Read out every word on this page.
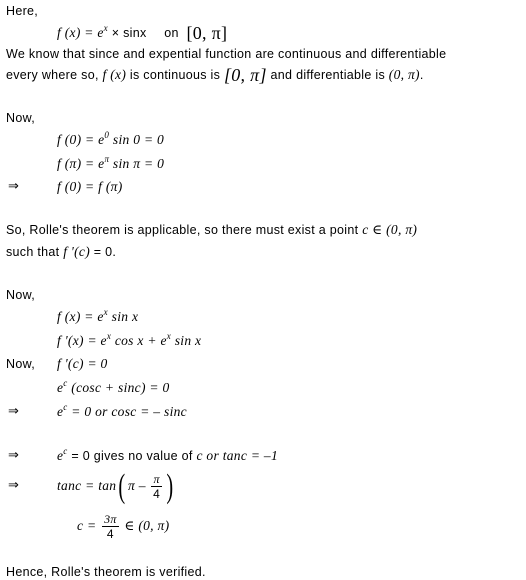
Here,
f $(x) = e^x \times \sin x$ on [0, π]
We know that since and expential function are continuous and differentiable
every where so, f (x) is continuous is [0, π] and differentiable is (0, π).
Now,
f $(0) = e^0$ sin 0 = 0
f $(\pi) = e^\pi$ sin π = 0
⇒	f (0) = f (π)
So, Rolle's theorem is applicable, so there must exist a point c ∈ (0, π)
such that f '(c) = 0.
Now,
f $(x) = e^x$ sin x
f '$(x) = e^x$ $\cos x + e^x$ sin x
Now, f '(c) = 0
$e^c$ (cosc + sinc) = 0
⇒	$e^c = 0$ or cosc = – sinc
⇒	$e^c = 0$ gives no value of c or tanc = –1
⇒	tanc = tan( π – $\frac{\pi}{4}$ )
$c = \frac{3\pi}{4}$ ∈ (0, π)
Hence, Rolle's theorem is verified.
